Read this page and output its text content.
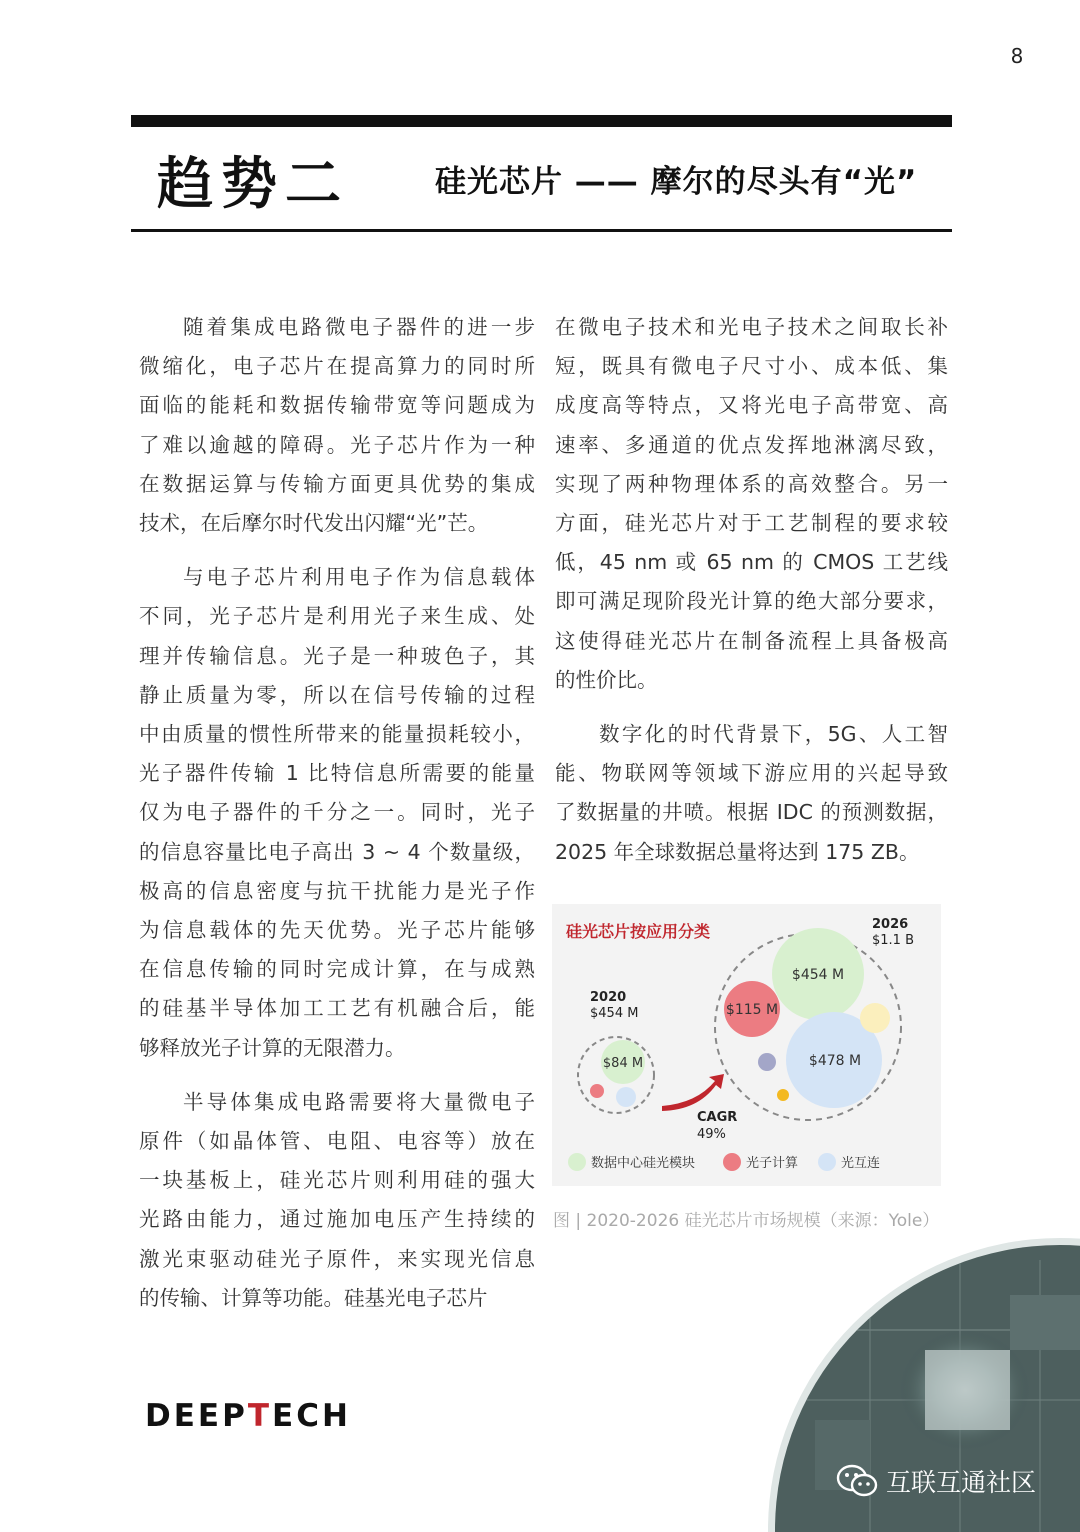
8
趋势二	硅光芯片 —— 摩尔的尽头有“光”
随着集成电路微电子器件的进一步
微缩化，电子芯片在提高算力的同时所
面临的能耗和数据传输带宽等问题成为
了难以逾越的障碍。光子芯片作为一种
在数据运算与传输方面更具优势的集成
技术，在后摩尔时代发出闪耀“光”芒。
与电子芯片利用电子作为信息载体
不同，光子芯片是利用光子来生成、处
理并传输信息。光子是一种玻色子，其
静止质量为零，所以在信号传输的过程
中由质量的惯性所带来的能量损耗较小，
光子器件传输 1 比特信息所需要的能量
仅为电子器件的千分之一。同时，光子
的信息容量比电子高出 3 ~ 4 个数量级，
极高的信息密度与抗干扰能力是光子作
为信息载体的先天优势。光子芯片能够
在信息传输的同时完成计算，在与成熟
的硅基半导体加工工艺有机融合后，能
够释放光子计算的无限潜力。
半导体集成电路需要将大量微电子
原件（如晶体管、电阻、电容等）放在
一块基板上，硅光芯片则利用硅的强大
光路由能力，通过施加电压产生持续的
激光束驱动硅光子原件，来实现光信息
的传输、计算等功能。硅基光电子芯片
在微电子技术和光电子技术之间取长补
短，既具有微电子尺寸小、成本低、集
成度高等特点，又将光电子高带宽、高
速率、多通道的优点发挥地淋漓尽致，
实现了两种物理体系的高效整合。另一
方面，硅光芯片对于工艺制程的要求较
低，45 nm 或 65 nm 的 CMOS 工艺线
即可满足现阶段光计算的绝大部分要求，
这使得硅光芯片在制备流程上具备极高
的性价比。
数字化的时代背景下，5G、人工智
能、物联网等领域下游应用的兴起导致
了数据量的井喷。根据 IDC 的预测数据，
2025 年全球数据总量将达到 175 ZB。
硅光芯片按应用分类	2026
$1.1 B
$454 M
$115 M
$478 M
2020
$454 M
$84 M
CAGR
49%
数据中心硅光模块	光子计算	光互连
图 | 2020-2026 硅光芯片市场规模（来源：Yole）
DEEPTECH
互联互通社区
